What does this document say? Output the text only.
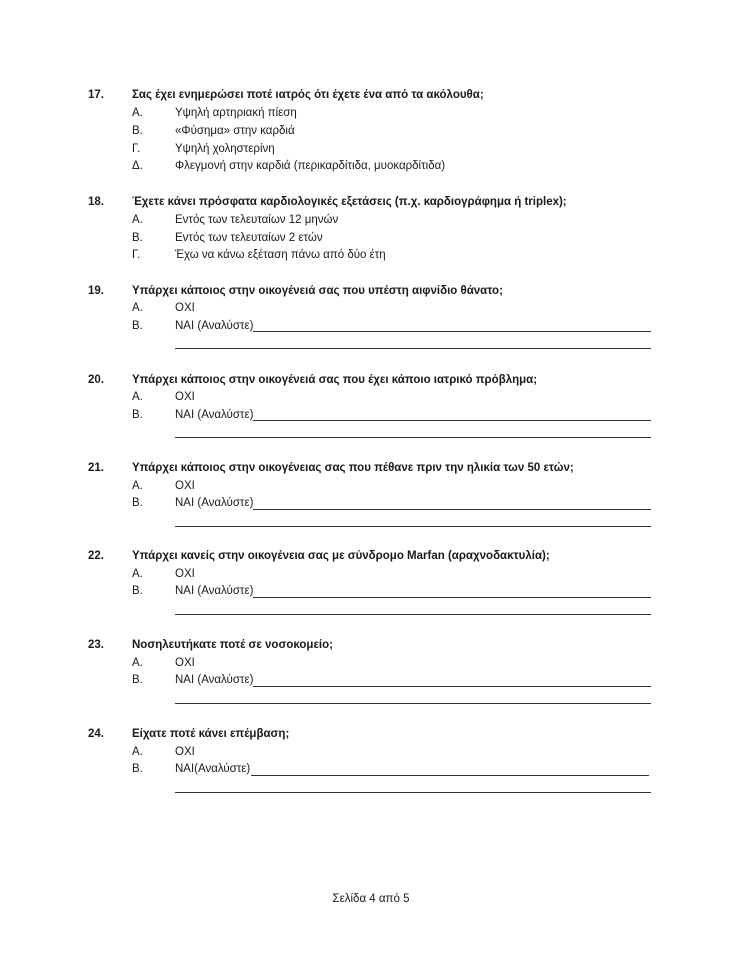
17. Σας έχει ενημερώσει ποτέ ιατρός ότι έχετε ένα από τα ακόλουθα;
Α.	Υψηλή αρτηριακή πίεση
Β.	«Φύσημα» στην καρδιά
Γ.	Υψηλή χοληστερίνη
Δ.	Φλεγμονή στην καρδιά (περικαρδίτιδα, μυοκαρδίτιδα)
18. Έχετε κάνει πρόσφατα καρδιολογικές εξετάσεις (π.χ. καρδιογράφημα ή triplex);
Α.	Εντός των τελευταίων 12 μηνών
Β.	Εντός των τελευταίων 2 ετών
Γ.	Έχω να κάνω εξέταση πάνω από δύο έτη
19. Υπάρχει κάποιος στην οικογένειά σας που υπέστη αιφνίδιο θάνατο;
Α.	ΟΧΙ
Β.	ΝΑΙ (Αναλύστε)
20. Υπάρχει κάποιος στην οικογένειά σας που έχει κάποιο ιατρικό πρόβλημα;
Α.	ΟΧΙ
Β.	ΝΑΙ (Αναλύστε)
21. Υπάρχει κάποιος στην οικογένειας σας που πέθανε πριν την ηλικία των 50 ετών;
Α.	ΟΧΙ
Β.	ΝΑΙ (Αναλύστε)
22. Υπάρχει κανείς στην οικογένεια σας με σύνδρομο Marfan (αραχνοδακτυλία);
Α.	ΟΧΙ
Β.	ΝΑΙ (Αναλύστε)
23. Νοσηλευτήκατε ποτέ σε νοσοκομείο;
Α.	ΟΧΙ
Β.	ΝΑΙ (Αναλύστε)
24. Είχατε ποτέ κάνει επέμβαση;
Α.	ΟΧΙ
Β.	ΝΑΙ(Αναλύστε)
Σελίδα 4 από 5
